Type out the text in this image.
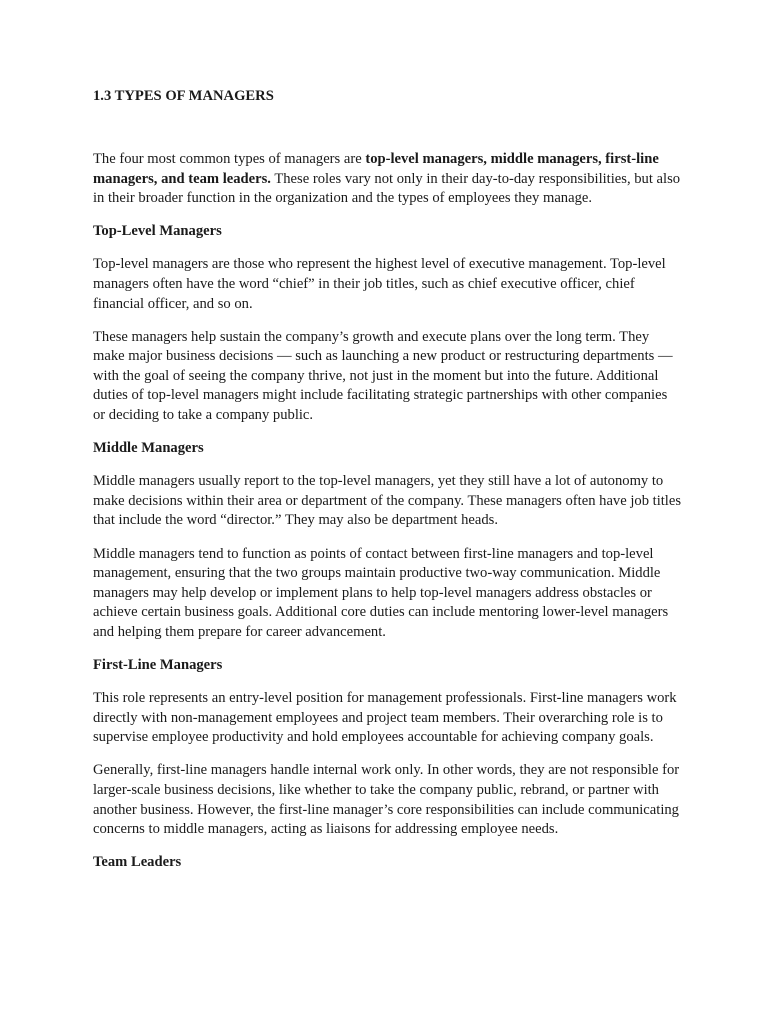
1.3 TYPES OF MANAGERS

The four most common types of managers are top-level managers, middle managers, first-line managers, and team leaders. These roles vary not only in their day-to-day responsibilities, but also in their broader function in the organization and the types of employees they manage.

Top-Level Managers

Top-level managers are those who represent the highest level of executive management. Top-level managers often have the word “chief” in their job titles, such as chief executive officer, chief financial officer, and so on.

These managers help sustain the company’s growth and execute plans over the long term. They make major business decisions — such as launching a new product or restructuring departments — with the goal of seeing the company thrive, not just in the moment but into the future. Additional duties of top-level managers might include facilitating strategic partnerships with other companies or deciding to take a company public.

Middle Managers

Middle managers usually report to the top-level managers, yet they still have a lot of autonomy to make decisions within their area or department of the company. These managers often have job titles that include the word “director.” They may also be department heads.

Middle managers tend to function as points of contact between first-line managers and top-level management, ensuring that the two groups maintain productive two-way communication. Middle managers may help develop or implement plans to help top-level managers address obstacles or achieve certain business goals. Additional core duties can include mentoring lower-level managers and helping them prepare for career advancement.

First-Line Managers

This role represents an entry-level position for management professionals. First-line managers work directly with non-management employees and project team members. Their overarching role is to supervise employee productivity and hold employees accountable for achieving company goals.

Generally, first-line managers handle internal work only. In other words, they are not responsible for larger-scale business decisions, like whether to take the company public, rebrand, or partner with another business. However, the first-line manager’s core responsibilities can include communicating concerns to middle managers, acting as liaisons for addressing employee needs.

Team Leaders
